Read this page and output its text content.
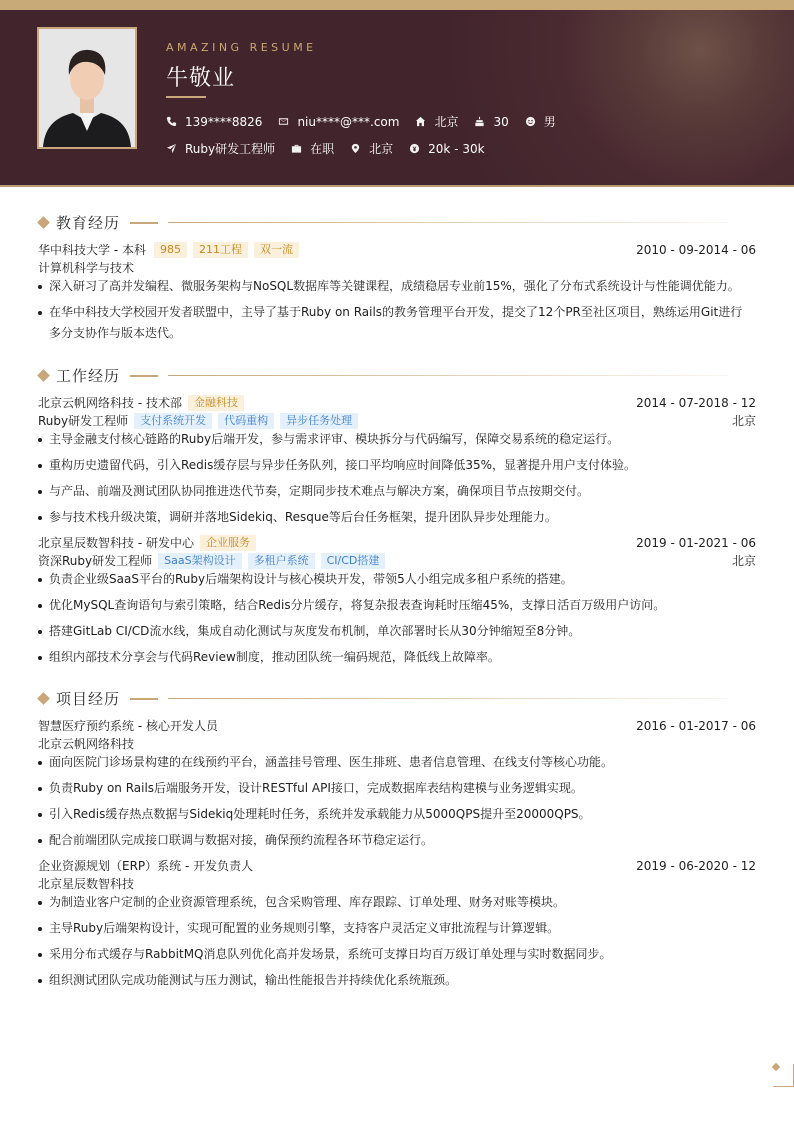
AMAZING RESUME
牛敬业
139****8826	niu****@***.com	北京	30	男
Ruby研发工程师	在职	北京	20k - 30k
教育经历
华中科技大学 - 本科	985	211工程	双一流	2010 - 09-2014 - 06
计算机科学与技术
深入研习了高并发编程、微服务架构与NoSQL数据库等关键课程，成绩稳居专业前15%，强化了分布式系统设计与性能调优能力。
在华中科技大学校园开发者联盟中，主导了基于Ruby on Rails的教务管理平台开发，提交了12个PR至社区项目，熟练运用Git进行多分支协作与版本迭代。
工作经历
北京云帆网络科技 - 技术部	金融科技	2014 - 07-2018 - 12
Ruby研发工程师	支付系统开发	代码重构	异步任务处理	北京
主导金融支付核心链路的Ruby后端开发，参与需求评审、模块拆分与代码编写，保障交易系统的稳定运行。
重构历史遗留代码，引入Redis缓存层与异步任务队列，接口平均响应时间降低35%，显著提升用户支付体验。
与产品、前端及测试团队协同推进迭代节奏，定期同步技术难点与解决方案，确保项目节点按期交付。
参与技术栈升级决策，调研并落地Sidekiq、Resque等后台任务框架，提升团队异步处理能力。
北京星辰数智科技 - 研发中心	企业服务	2019 - 01-2021 - 06
资深Ruby研发工程师	SaaS架构设计	多租户系统	CI/CD搭建	北京
负责企业级SaaS平台的Ruby后端架构设计与核心模块开发，带领5人小组完成多租户系统的搭建。
优化MySQL查询语句与索引策略，结合Redis分片缓存，将复杂报表查询耗时压缩45%，支撑日活百万级用户访问。
搭建GitLab CI/CD流水线，集成自动化测试与灰度发布机制，单次部署时长从30分钟缩短至8分钟。
组织内部技术分享会与代码Review制度，推动团队统一编码规范，降低线上故障率。
项目经历
智慧医疗预约系统 - 核心开发人员	2016 - 01-2017 - 06
北京云帆网络科技
面向医院门诊场景构建的在线预约平台，涵盖挂号管理、医生排班、患者信息管理、在线支付等核心功能。
负责Ruby on Rails后端服务开发，设计RESTful API接口，完成数据库表结构建模与业务逻辑实现。
引入Redis缓存热点数据与Sidekiq处理耗时任务，系统并发承载能力从5000QPS提升至20000QPS。
配合前端团队完成接口联调与数据对接，确保预约流程各环节稳定运行。
企业资源规划（ERP）系统 - 开发负责人	2019 - 06-2020 - 12
北京星辰数智科技
为制造业客户定制的企业资源管理系统，包含采购管理、库存跟踪、订单处理、财务对账等模块。
主导Ruby后端架构设计，实现可配置的业务规则引擎，支持客户灵活定义审批流程与计算逻辑。
采用分布式缓存与RabbitMQ消息队列优化高并发场景，系统可支撑日均百万级订单处理与实时数据同步。
组织测试团队完成功能测试与压力测试，输出性能报告并持续优化系统瓶颈。
